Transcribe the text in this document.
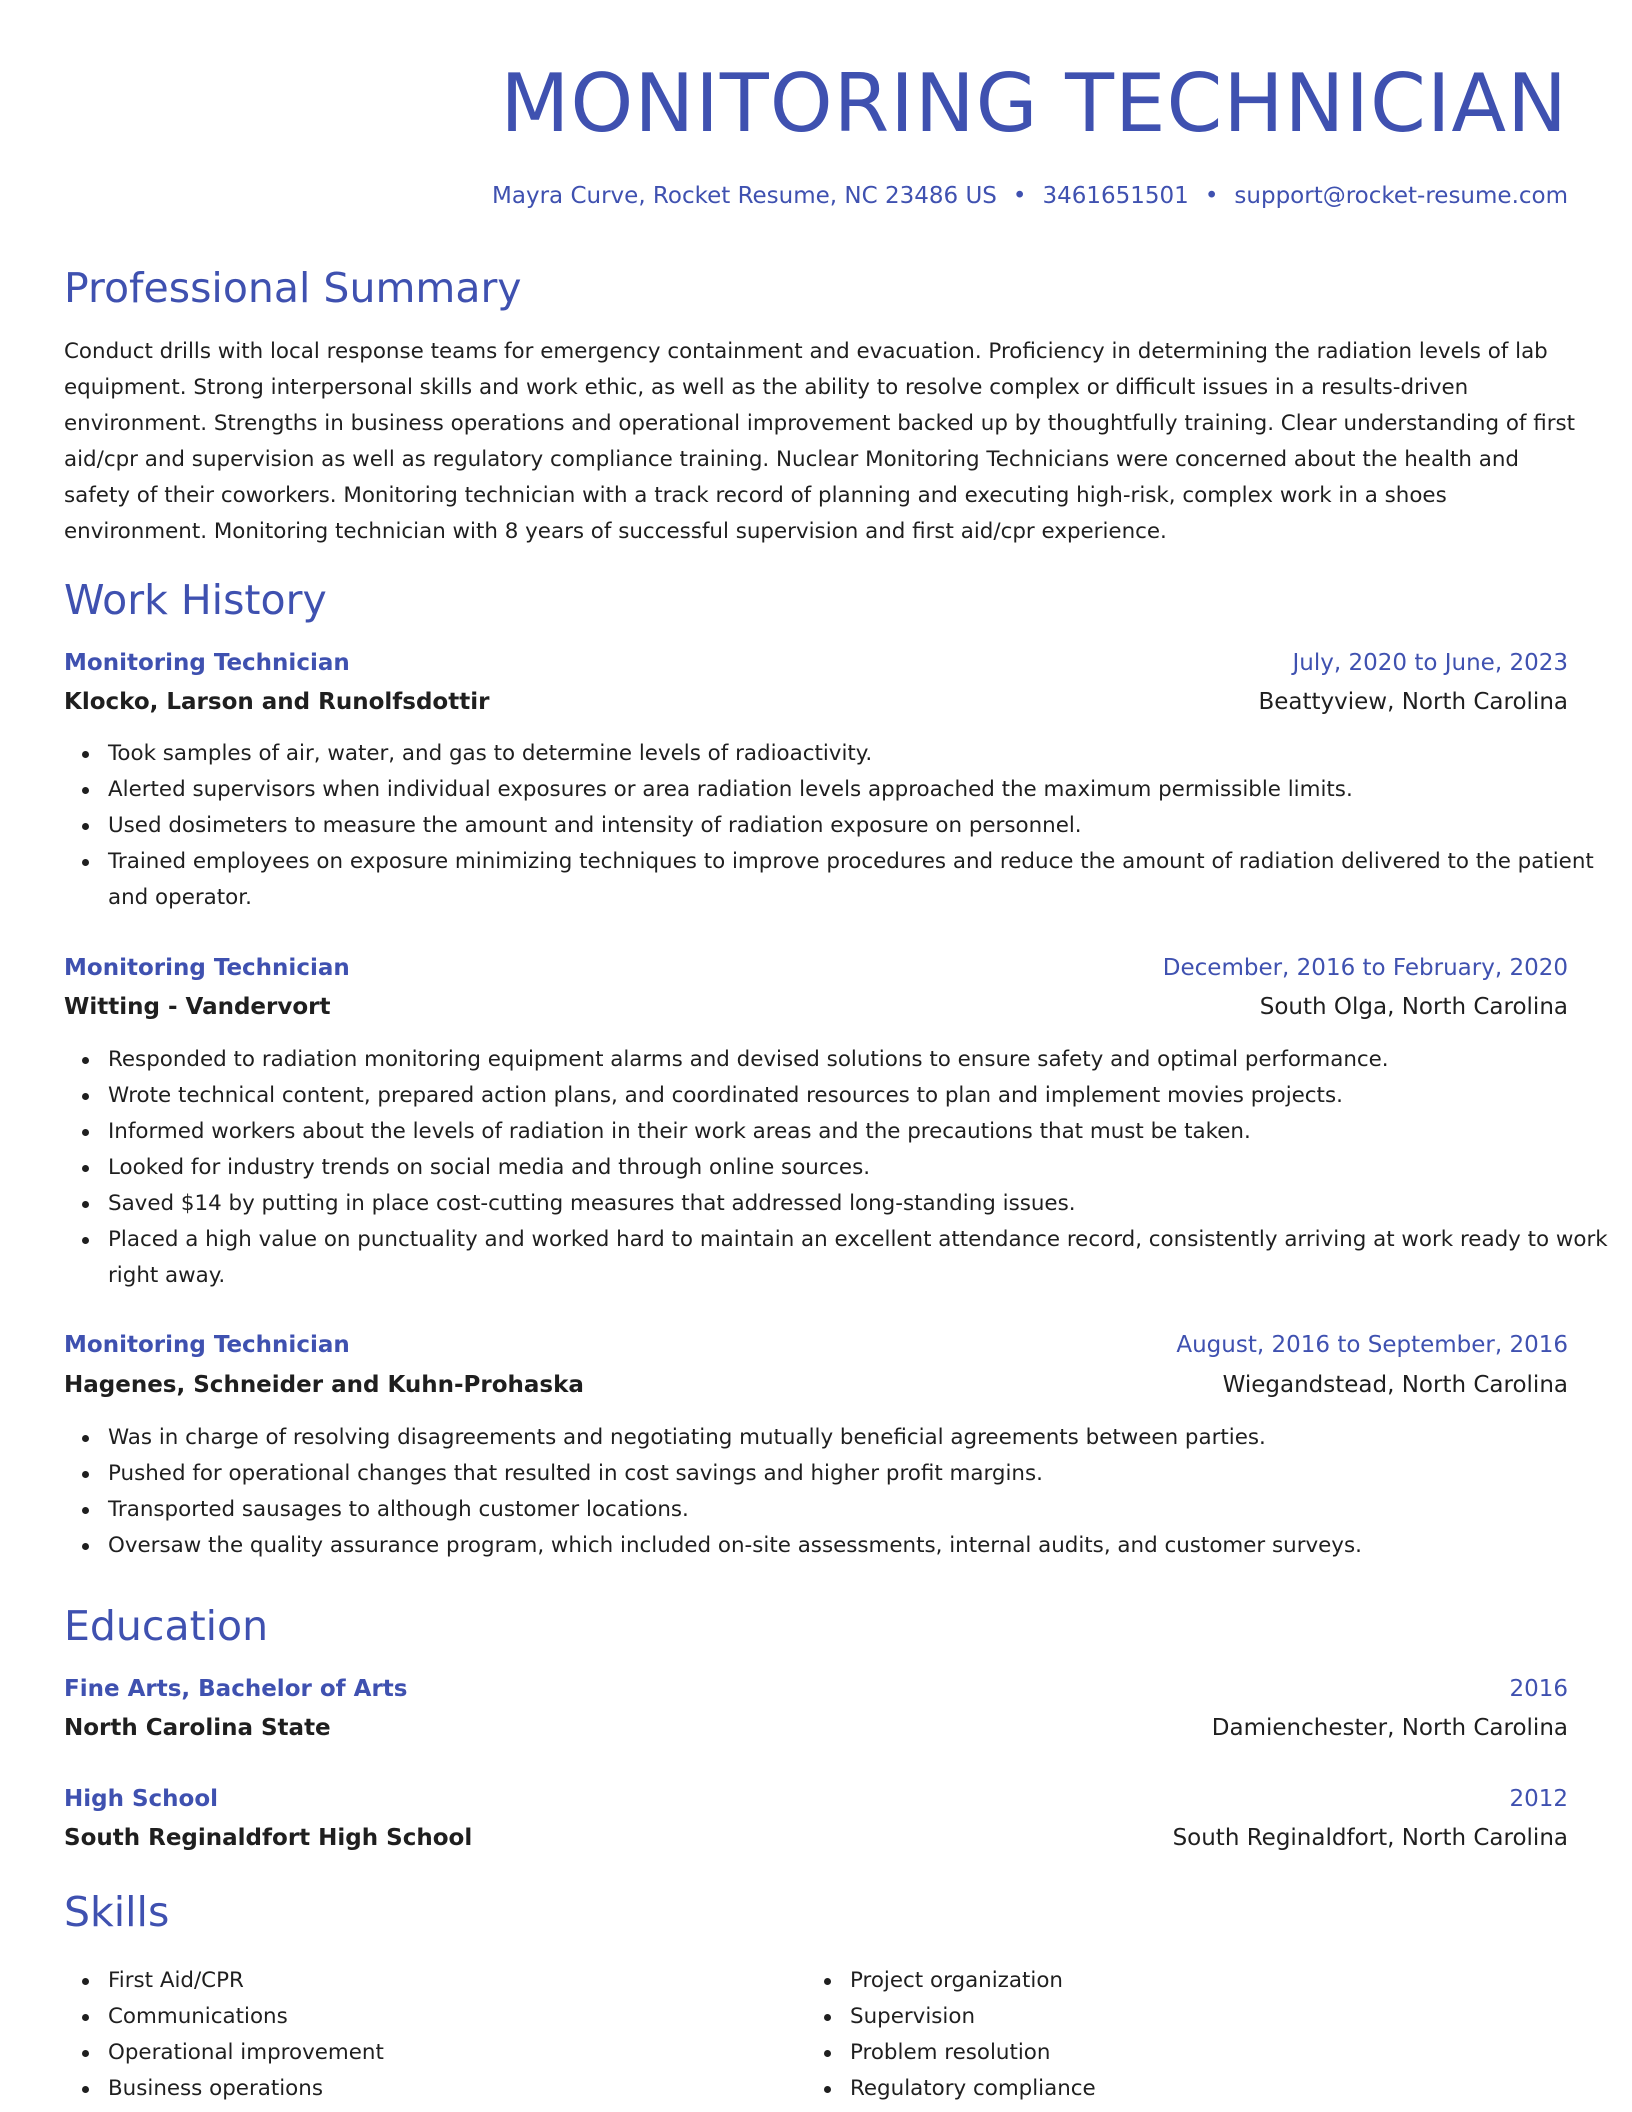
MONITORING TECHNICIAN
Mayra Curve, Rocket Resume, NC 23486 US • 3461651501 • support@rocket-resume.com
Professional Summary

Conduct drills with local response teams for emergency containment and evacuation. Proficiency in determining the radiation levels of lab equipment. Strong interpersonal skills and work ethic, as well as the ability to resolve complex or difficult issues in a results-driven environment. Strengths in business operations and operational improvement backed up by thoughtfully training. Clear understanding of first aid/cpr and supervision as well as regulatory compliance training. Nuclear Monitoring Technicians were concerned about the health and safety of their coworkers. Monitoring technician with a track record of planning and executing high-risk, complex work in a shoes environment. Monitoring technician with 8 years of successful supervision and first aid/cpr experience.

Work History
Monitoring Technician	July, 2020 to June, 2023
Klocko, Larson and Runolfsdottir	Beattyview, North Carolina
Took samples of air, water, and gas to determine levels of radioactivity.
Alerted supervisors when individual exposures or area radiation levels approached the maximum permissible limits.
Used dosimeters to measure the amount and intensity of radiation exposure on personnel.
Trained employees on exposure minimizing techniques to improve procedures and reduce the amount of radiation delivered to the patient and operator.
Monitoring Technician	December, 2016 to February, 2020
Witting - Vandervort	South Olga, North Carolina
Responded to radiation monitoring equipment alarms and devised solutions to ensure safety and optimal performance.
Wrote technical content, prepared action plans, and coordinated resources to plan and implement movies projects.
Informed workers about the levels of radiation in their work areas and the precautions that must be taken.
Looked for industry trends on social media and through online sources.
Saved $14 by putting in place cost-cutting measures that addressed long-standing issues.
Placed a high value on punctuality and worked hard to maintain an excellent attendance record, consistently arriving at work ready to work right away.
Monitoring Technician	August, 2016 to September, 2016
Hagenes, Schneider and Kuhn-Prohaska	Wiegandstead, North Carolina
Was in charge of resolving disagreements and negotiating mutually beneficial agreements between parties.
Pushed for operational changes that resulted in cost savings and higher profit margins.
Transported sausages to although customer locations.
Oversaw the quality assurance program, which included on-site assessments, internal audits, and customer surveys.
Education
Fine Arts, Bachelor of Arts	2016
North Carolina State	Damienchester, North Carolina
High School	2012
South Reginaldfort High School	South Reginaldfort, North Carolina
Skills
First Aid/CPR
Communications
Operational improvement
Business operations
Project organization
Supervision
Problem resolution
Regulatory compliance
